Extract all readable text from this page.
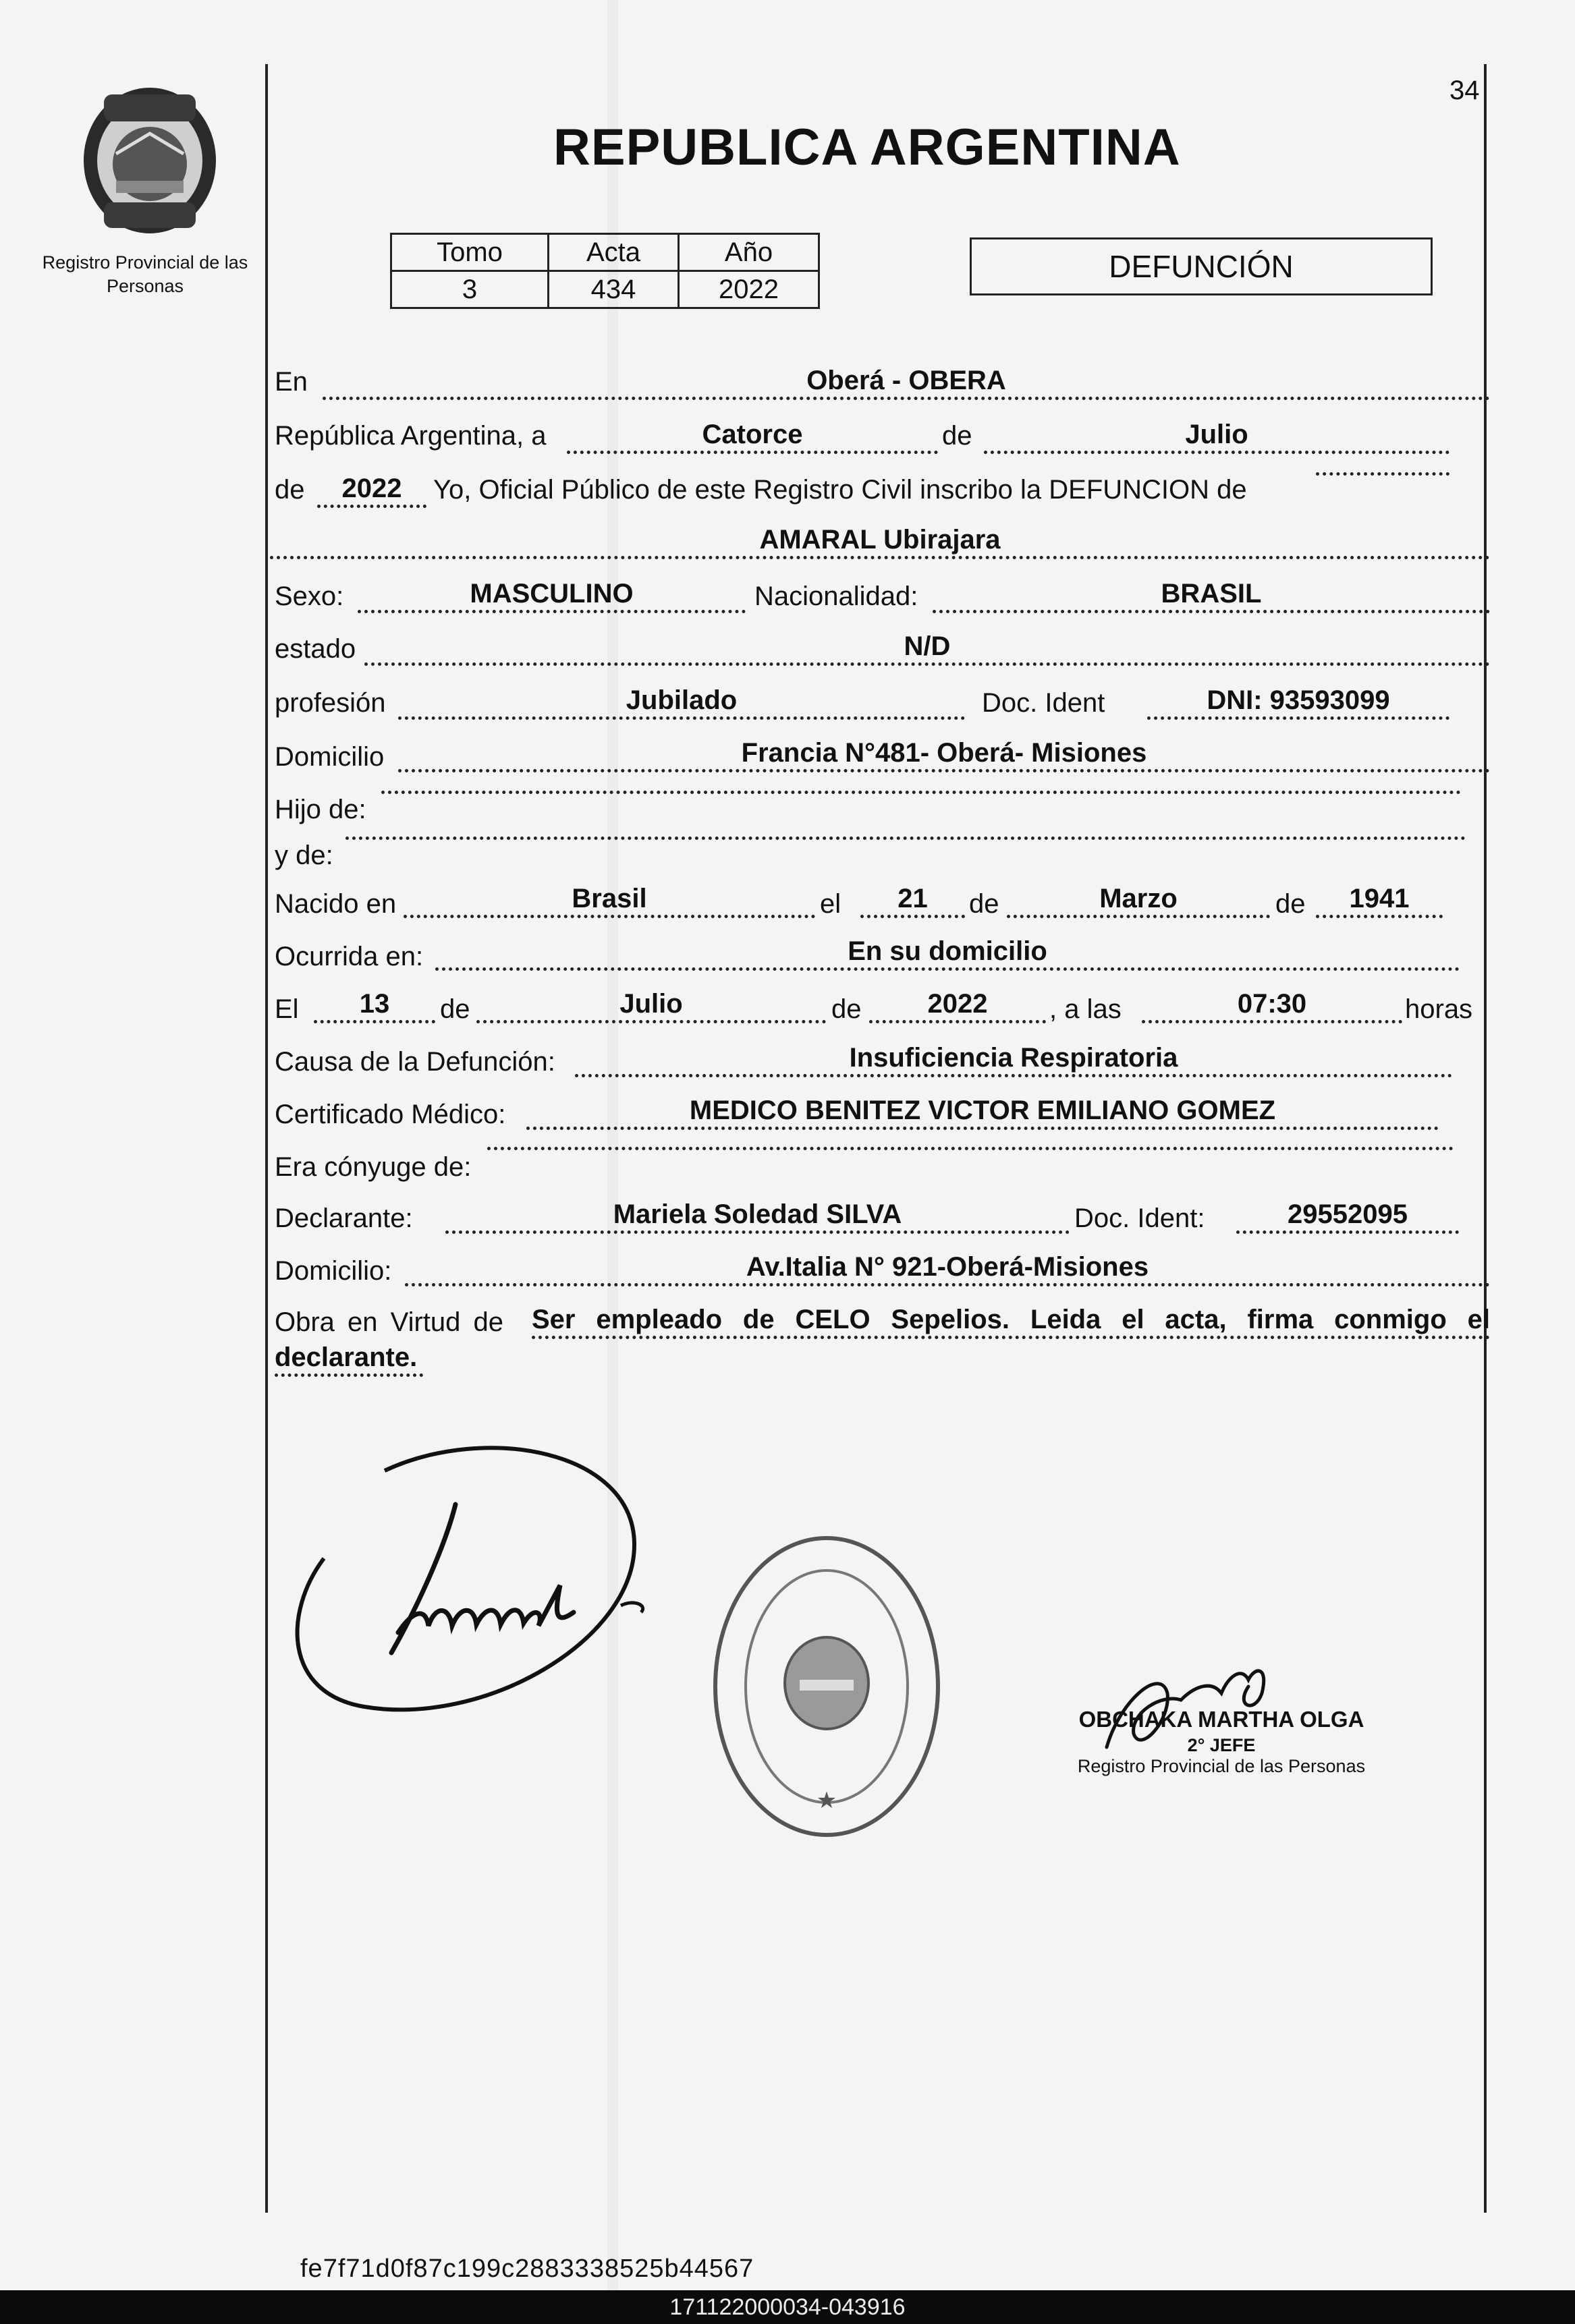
Registro Provincial de las Personas
34
REPUBLICA ARGENTINA
Tomo	Acta	Año
3	434	2022
DEFUNCIÓN
En	Oberá - OBERA
República Argentina, a	Catorce	de	Julio
de	2022	Yo, Oficial Público de este Registro Civil inscribo la DEFUNCION de
AMARAL Ubirajara
Sexo:	MASCULINO	Nacionalidad:	BRASIL
estado	N/D
profesión	Jubilado	Doc. Ident	DNI: 93593099
Domicilio	Francia N°481- Oberá- Misiones
Hijo de:
y de:
Nacido en	Brasil	el	21	de	Marzo	de	1941
Ocurrida en:	En su domicilio
El	13	de	Julio	de	2022	, a las	07:30	horas
Causa de la Defunción:	Insuficiencia Respiratoria
Certificado Médico:	MEDICO BENITEZ VICTOR EMILIANO GOMEZ
Era cónyuge de:
Declarante:	Mariela Soledad SILVA	Doc. Ident:	29552095
Domicilio:	Av.Italia N° 921-Oberá-Misiones
Obra en Virtud de Ser empleado de CELO Sepelios. Leida el acta, firma conmigo el
declarante.
★
OBCHAKA MARTHA OLGA
2° JEFE
Registro Provincial de las Personas
fe7f71d0f87c199c2883338525b44567
171122000034-043916
